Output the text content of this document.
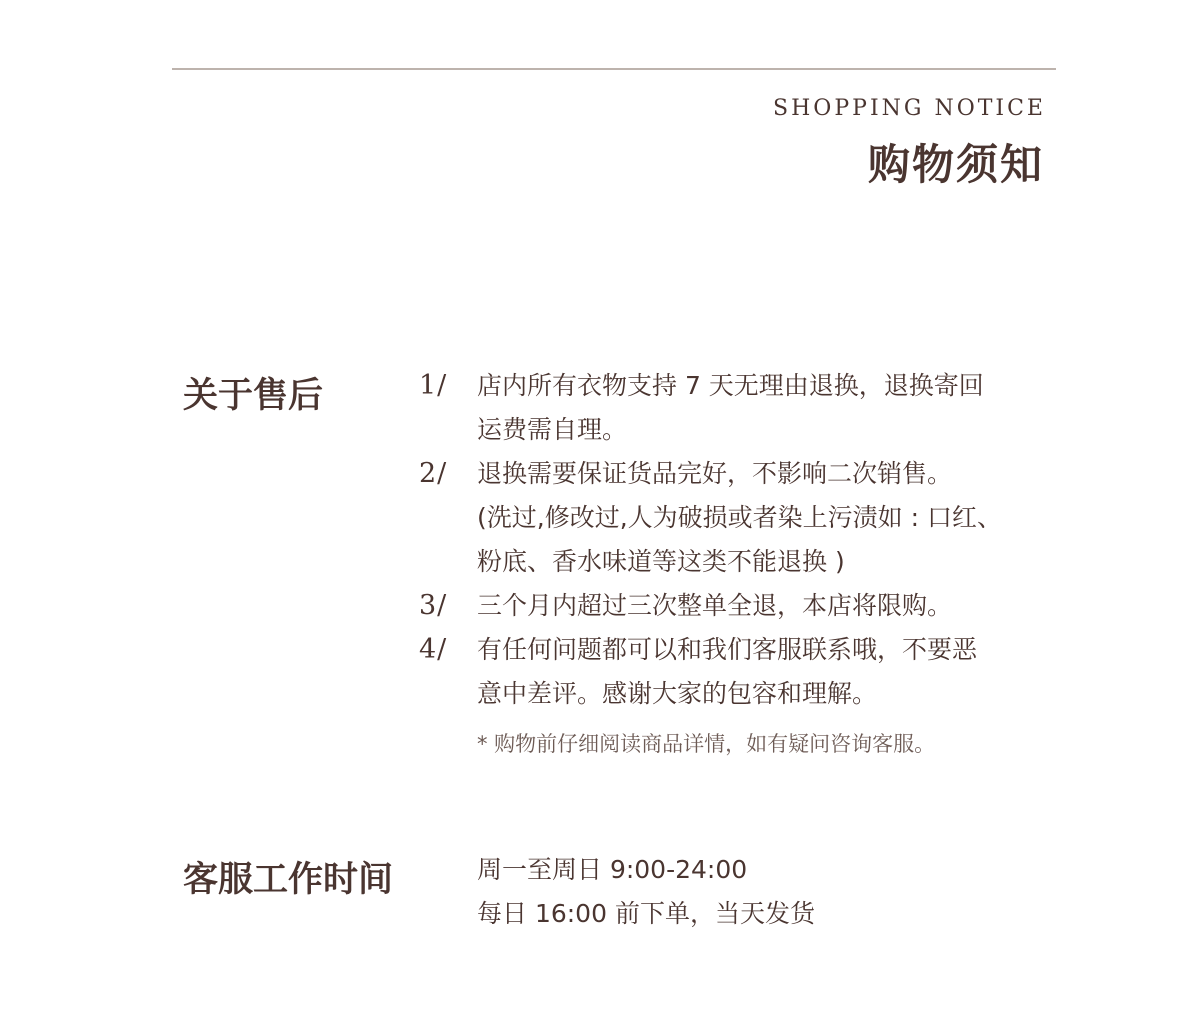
SHOPPING NOTICE
购物须知
关于售后	1/	店内所有衣物支持 7 天无理由退换，退换寄回
运费需自理。
2/	退换需要保证货品完好，不影响二次销售。
(洗过,修改过,人为破损或者染上污渍如 : 口红、
粉底、香水味道等这类不能退换 )
3/	三个月内超过三次整单全退，本店将限购。
4/	有任何问题都可以和我们客服联系哦，不要恶
意中差评。感谢大家的包容和理解。
* 购物前仔细阅读商品详情，如有疑问咨询客服。
客服工作时间	周一至周日 9:00-24:00
每日 16:00 前下单，当天发货
